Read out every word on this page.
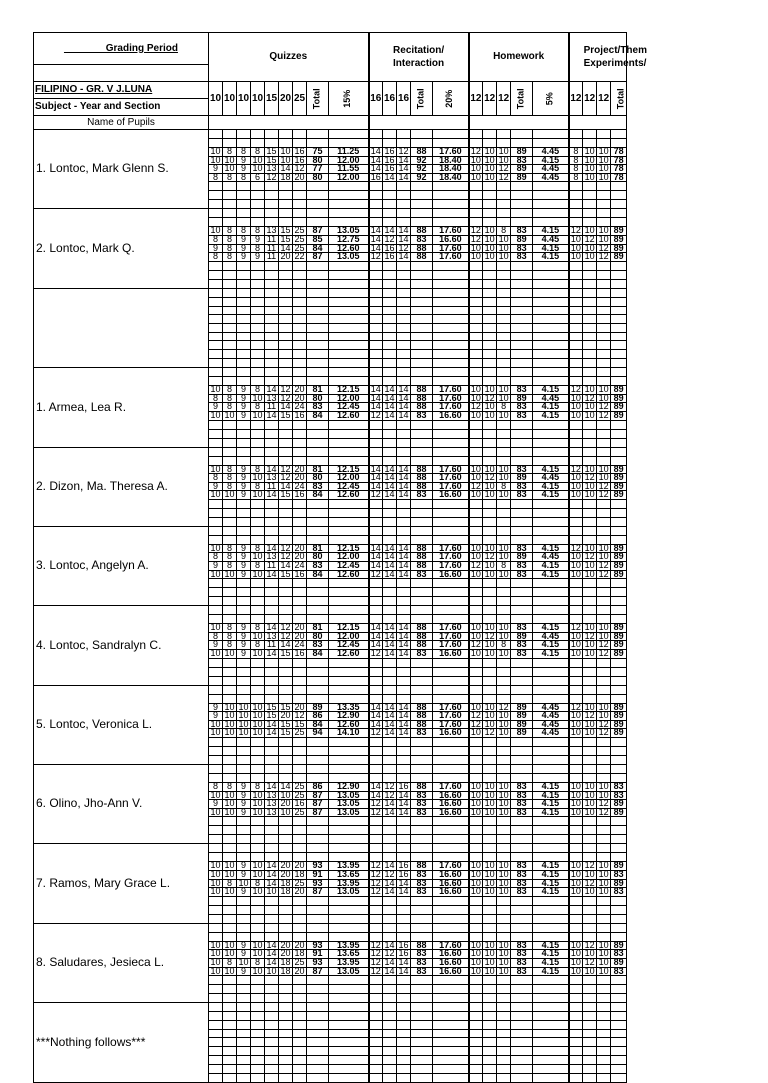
_______ Grading Period	Quizzes									Recitation/ Interaction					Homework					Project/Them Experiments/			

FILIPINO - GR. V J.LUNA	10	10	10	10	15	20	25	Total	15%	16	16	16	Total	20%	12	12	12	Total	5%	12	12	12	Total
Subject - Year and Section																							
Name of Pupils																							
1. Lontoc, Mark Glenn S.																							

	10	8	8	8	15	10	16	75	11.25	14	16	12	88	17.60	12	10	10	89	4.45	8	10	10	78
	10	10	9	10	15	10	16	80	12.00	14	16	14	92	18.40	10	10	10	83	4.15	8	10	10	78
	9	10	9	10	13	14	12	77	11.55	14	16	14	92	18.40	10	10	12	89	4.45	8	10	10	78
	8	8	8	6	12	18	20	80	12.00	16	14	14	92	18.40	10	10	12	89	4.45	8	10	10	78

2. Lontoc, Mark Q.																							

	10	8	8	8	13	15	25	87	13.05	14	14	14	88	17.60	12	10	8	83	4.15	12	10	10	89
	8	8	9	9	11	15	25	85	12.75	14	12	14	83	16.60	12	10	10	89	4.45	10	12	10	89
	9	8	9	8	11	14	25	84	12.60	14	16	12	88	17.60	10	10	10	83	4.15	10	10	12	89
	8	8	9	9	11	20	22	87	13.05	12	16	14	88	17.60	10	10	10	83	4.15	10	10	12	89

1. Armea, Lea R.																							

	10	8	9	8	14	12	20	81	12.15	14	14	14	88	17.60	10	10	10	83	4.15	12	10	10	89
	8	8	9	10	13	12	20	80	12.00	14	14	14	88	17.60	10	12	10	89	4.45	10	12	10	89
	9	8	9	8	11	14	24	83	12.45	14	14	14	88	17.60	12	10	8	83	4.15	10	10	12	89
	10	10	9	10	14	15	16	84	12.60	12	14	14	83	16.60	10	10	10	83	4.15	10	10	12	89

2. Dizon, Ma. Theresa A.																							

	10	8	9	8	14	12	20	81	12.15	14	14	14	88	17.60	10	10	10	83	4.15	12	10	10	89
	8	8	9	10	13	12	20	80	12.00	14	14	14	88	17.60	10	12	10	89	4.45	10	12	10	89
	9	8	9	8	11	14	24	83	12.45	14	14	14	88	17.60	12	10	8	83	4.15	10	10	12	89
	10	10	9	10	14	15	16	84	12.60	12	14	14	83	16.60	10	10	10	83	4.15	10	10	12	89

3. Lontoc, Angelyn A.																							

	10	8	9	8	14	12	20	81	12.15	14	14	14	88	17.60	10	10	10	83	4.15	12	10	10	89
	8	8	9	10	13	12	20	80	12.00	14	14	14	88	17.60	10	12	10	89	4.45	10	12	10	89
	9	8	9	8	11	14	24	83	12.45	14	14	14	88	17.60	12	10	8	83	4.15	10	10	12	89
	10	10	9	10	14	15	16	84	12.60	12	14	14	83	16.60	10	10	10	83	4.15	10	10	12	89

4. Lontoc, Sandralyn C.																							

	10	8	9	8	14	12	20	81	12.15	14	14	14	88	17.60	10	10	10	83	4.15	12	10	10	89
	8	8	9	10	13	12	20	80	12.00	14	14	14	88	17.60	10	12	10	89	4.45	10	12	10	89
	9	8	9	8	11	14	24	83	12.45	14	14	14	88	17.60	12	10	8	83	4.15	10	10	12	89
	10	10	9	10	14	15	16	84	12.60	12	14	14	83	16.60	10	10	10	83	4.15	10	10	12	89

5. Lontoc, Veronica L.																							

	9	10	10	10	15	15	20	89	13.35	14	14	14	88	17.60	10	10	12	89	4.45	12	10	10	89
	9	10	10	10	15	20	12	86	12.90	14	14	14	88	17.60	12	10	10	89	4.45	10	12	10	89
	10	10	10	10	14	15	15	84	12.60	14	14	14	88	17.60	12	10	10	89	4.45	10	10	12	89
	10	10	10	10	14	15	25	94	14.10	12	14	14	83	16.60	10	12	10	89	4.45	10	10	12	89

6. Olino, Jho-Ann V.																							

	8	8	9	8	14	14	25	86	12.90	14	12	16	88	17.60	10	10	10	83	4.15	10	10	10	83
	10	10	9	10	13	10	25	87	13.05	14	12	14	83	16.60	10	10	10	83	4.15	10	10	10	83
	9	10	9	10	13	20	16	87	13.05	12	14	14	83	16.60	10	10	10	83	4.15	10	10	12	89
	10	10	9	10	13	10	25	87	13.05	12	14	14	83	16.60	10	10	10	83	4.15	10	10	12	89

7. Ramos, Mary Grace L.																							

	10	10	9	10	14	20	20	93	13.95	12	14	16	88	17.60	10	10	10	83	4.15	10	12	10	89
	10	10	9	10	14	20	18	91	13.65	12	12	16	83	16.60	10	10	10	83	4.15	10	10	10	83
	10	8	10	8	14	18	25	93	13.95	12	14	14	83	16.60	10	10	10	83	4.15	10	12	10	89
	10	10	9	10	10	18	20	87	13.05	12	14	14	83	16.60	10	10	10	83	4.15	10	10	10	83

8. Saludares, Jesieca L.																							

	10	10	9	10	14	20	20	93	13.95	12	14	16	88	17.60	10	10	10	83	4.15	10	12	10	89
	10	10	9	10	14	20	18	91	13.65	12	12	16	83	16.60	10	10	10	83	4.15	10	10	10	83
	10	8	10	8	14	18	25	93	13.95	12	14	14	83	16.60	10	10	10	83	4.15	10	12	10	89
	10	10	9	10	10	18	20	87	13.05	12	14	14	83	16.60	10	10	10	83	4.15	10	10	10	83

***Nothing follows***																							
